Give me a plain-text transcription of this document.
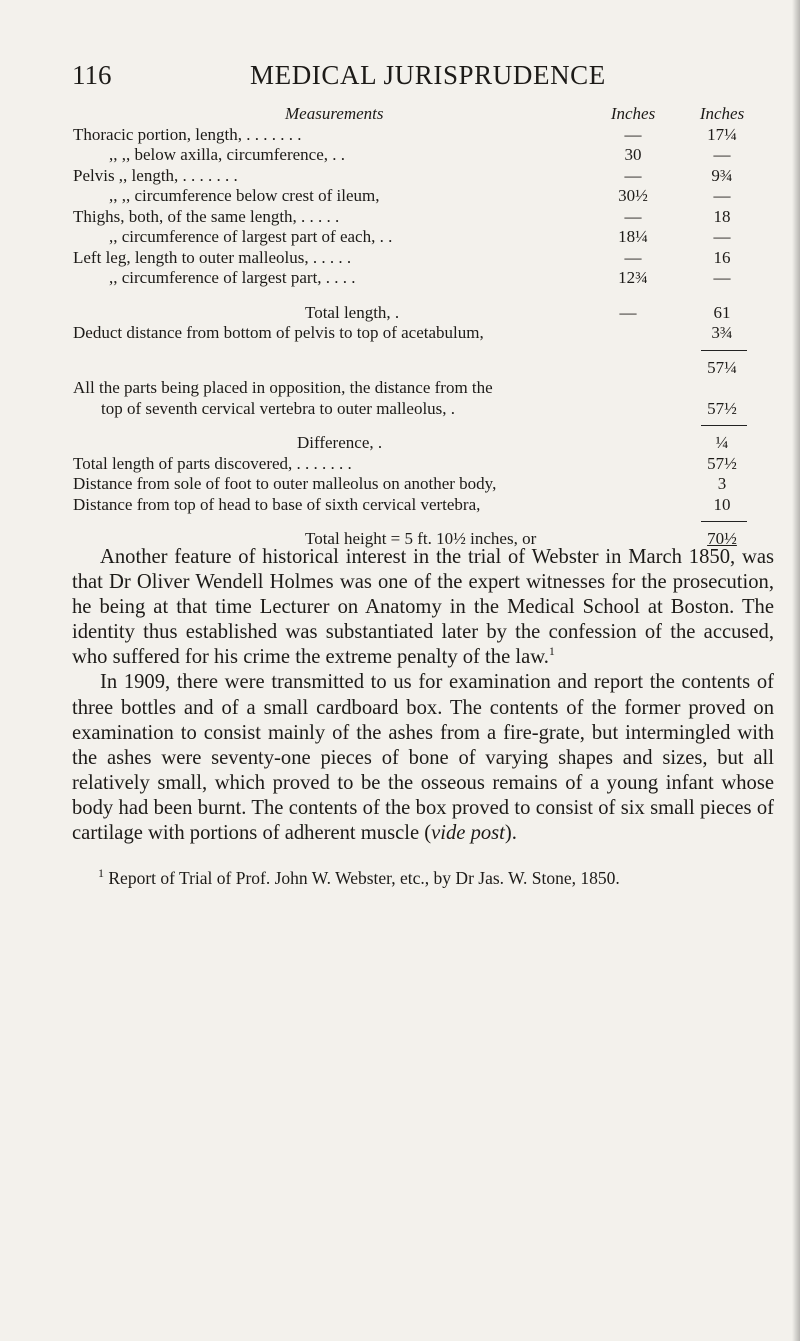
116	MEDICAL JURISPRUDENCE
Measurements	Inches	Inches
Thoracic portion, length, . . . . . . .	—	17¼
,, ,, below axilla, circumference, . .	30	—
Pelvis ,, length, . . . . . . .	—	9¾
,, ,, circumference below crest of ileum,	30½	—
Thighs, both, of the same length, . . . . .	—	18
,, circumference of largest part of each, . .	18¼	—
Left leg, length to outer malleolus, . . . . .	—	16
,, circumference of largest part, . . . .	12¾	—
Total length, .	—	61
Deduct distance from bottom of pelvis to top of acetabulum,	3¾
57¼
All the parts being placed in opposition, the distance from the
top of seventh cervical vertebra to outer malleolus, .	57½
Difference, .	¼
Total length of parts discovered, . . . . . . .	57½
Distance from sole of foot to outer malleolus on another body,	3
Distance from top of head to base of sixth cervical vertebra,	10
Total height = 5 ft. 10½ inches, or	70½

Another feature of historical interest in the trial of Webster in March 1850, was that Dr Oliver Wendell Holmes was one of the expert witnesses for the prosecution, he being at that time Lecturer on Anatomy in the Medical School at Boston. The identity thus established was substantiated later by the confession of the accused, who suffered for his crime the extreme penalty of the law.$^1$

In 1909, there were transmitted to us for examination and report the contents of three bottles and of a small cardboard box. The contents of the former proved on examination to consist mainly of the ashes from a fire-grate, but intermingled with the ashes were seventy-one pieces of bone of varying shapes and sizes, but all relatively small, which proved to be the osseous remains of a young infant whose body had been burnt. The contents of the box proved to consist of six small pieces of cartilage with portions of adherent muscle (vide post).

$^1$ Report of Trial of Prof. John W. Webster, etc., by Dr Jas. W. Stone, 1850.
